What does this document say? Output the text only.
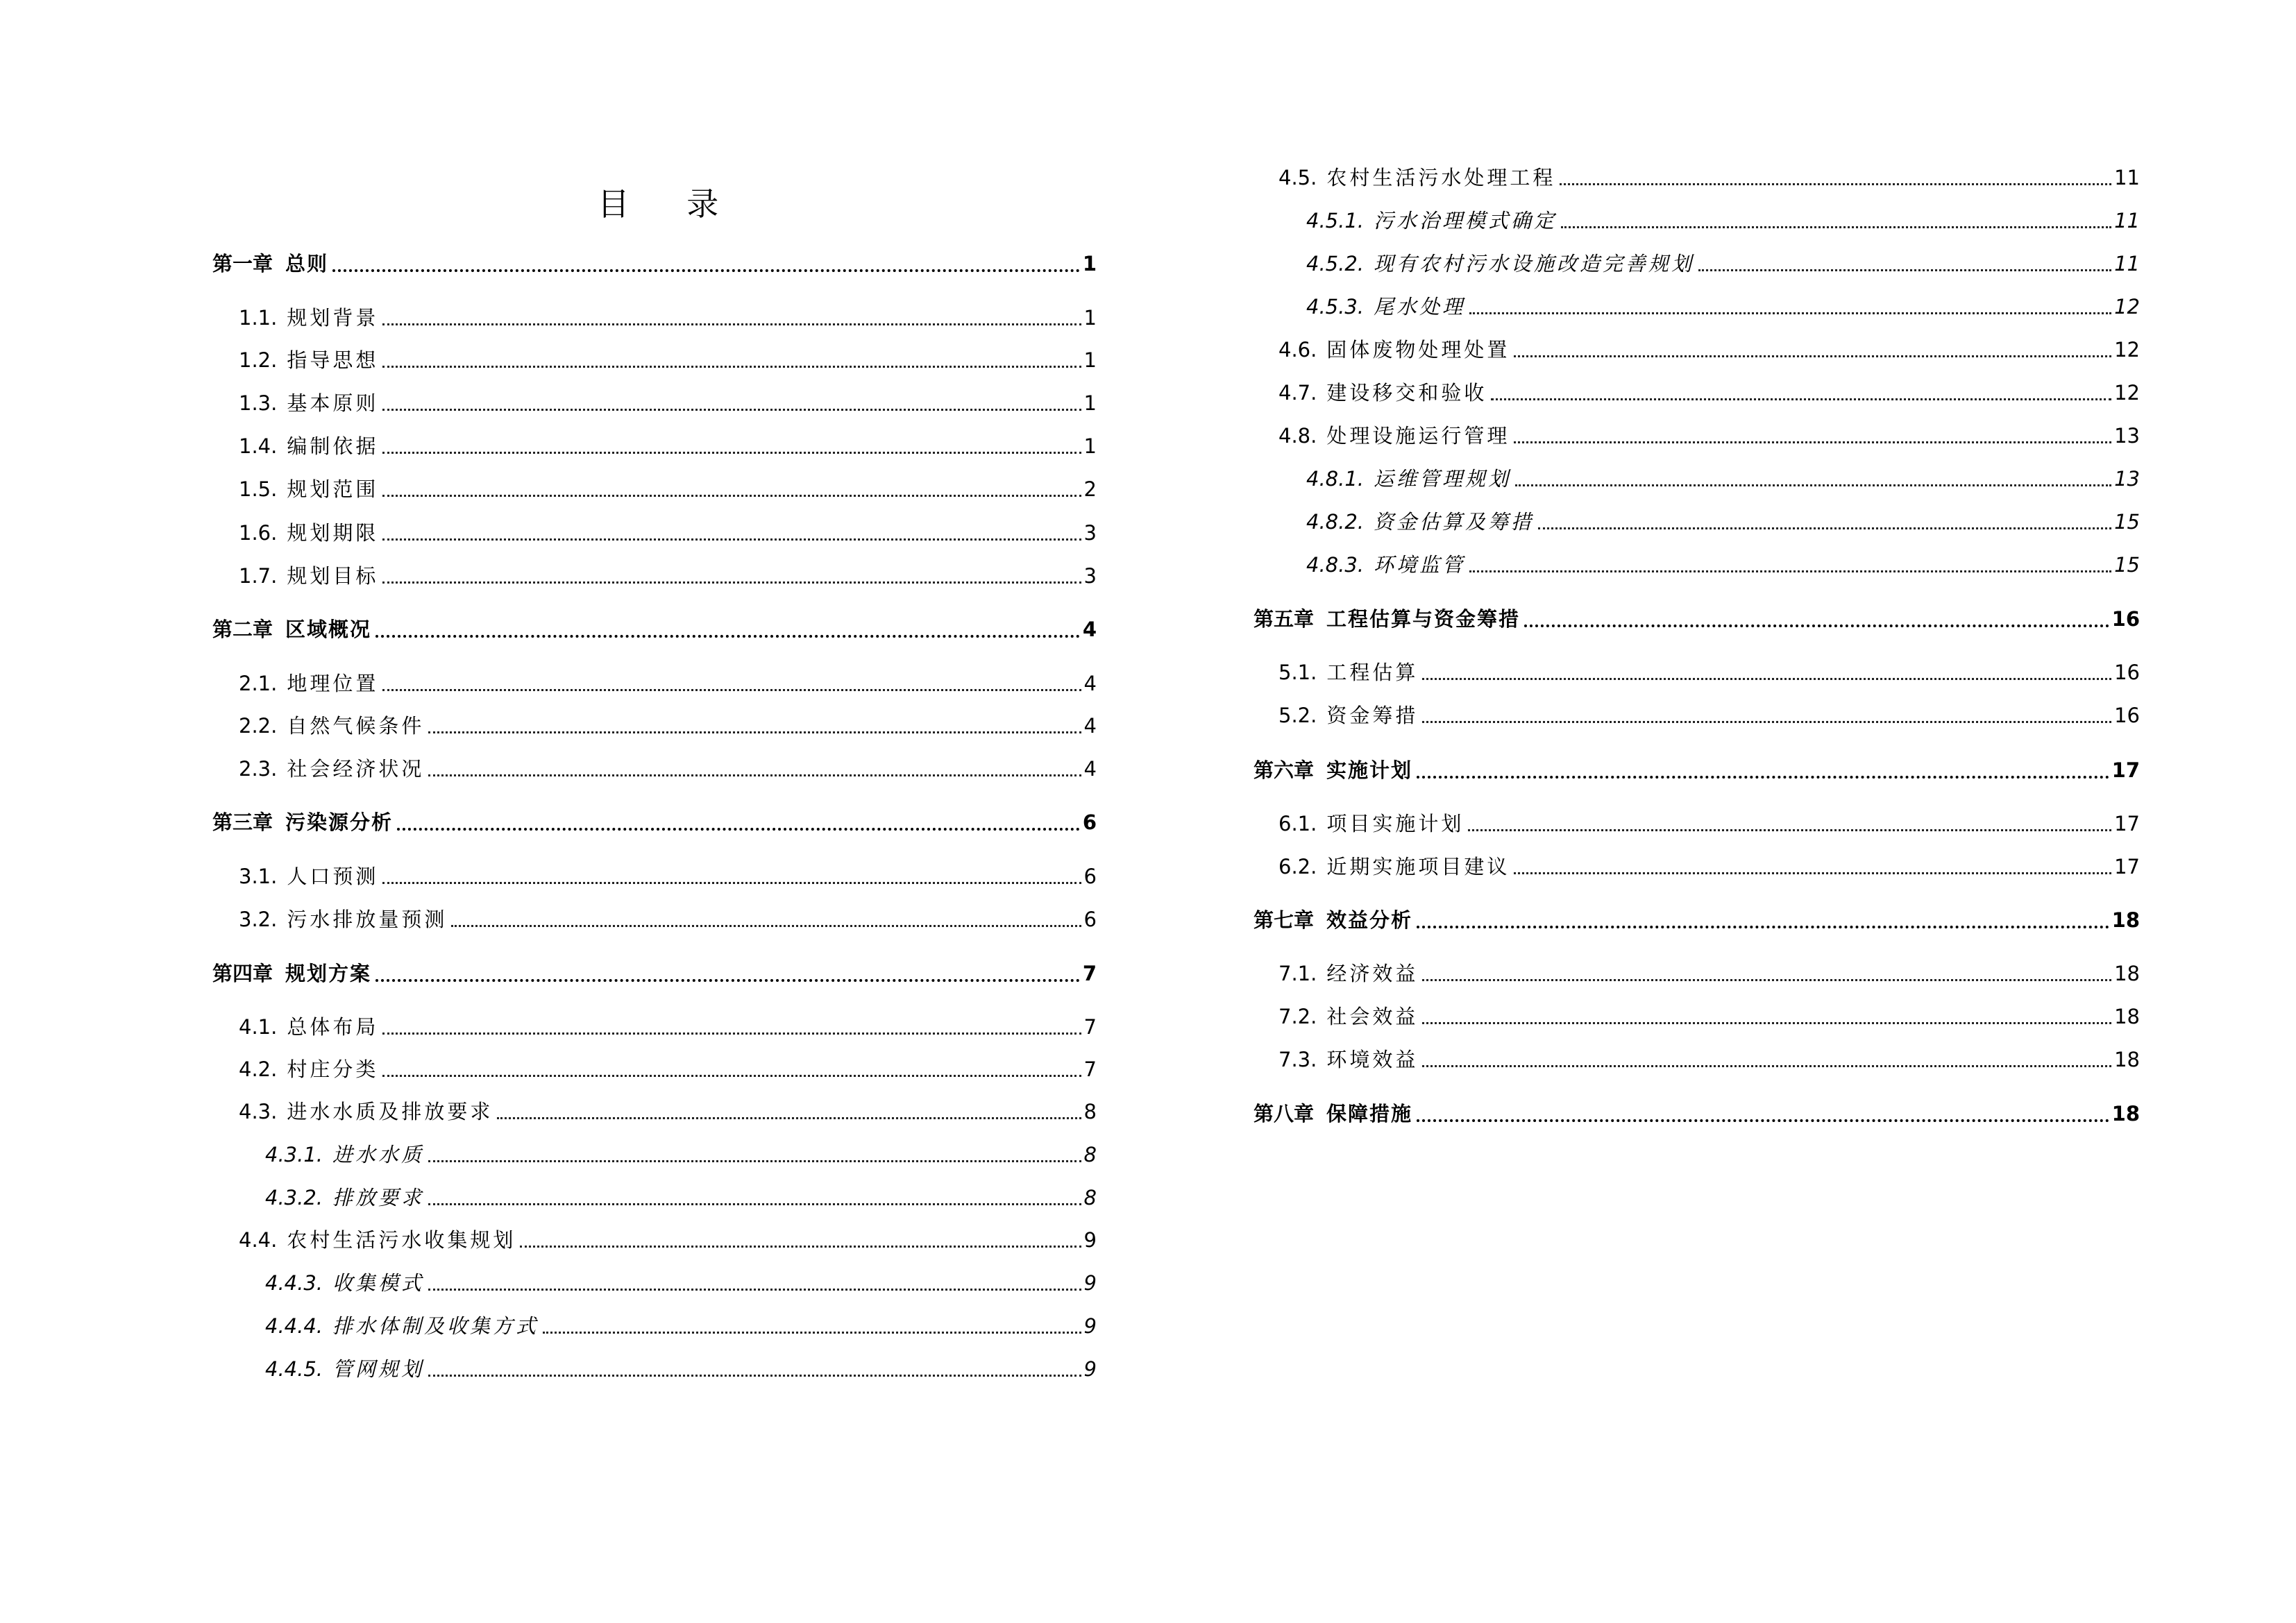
目 录
第一章 总则	1
1.1. 规划背景	1
1.2. 指导思想	1
1.3. 基本原则	1
1.4. 编制依据	1
1.5. 规划范围	2
1.6. 规划期限	3
1.7. 规划目标	3
第二章 区域概况	4
2.1. 地理位置	4
2.2. 自然气候条件	4
2.3. 社会经济状况	4
第三章 污染源分析	6
3.1. 人口预测	6
3.2. 污水排放量预测	6
第四章 规划方案	7
4.1. 总体布局	7
4.2. 村庄分类	7
4.3. 进水水质及排放要求	8
4.3.1. 进水水质	8
4.3.2. 排放要求	8
4.4. 农村生活污水收集规划	9
4.4.3. 收集模式	9
4.4.4. 排水体制及收集方式	9
4.4.5. 管网规划	9
4.5. 农村生活污水处理工程	11
4.5.1. 污水治理模式确定	11
4.5.2. 现有农村污水设施改造完善规划	11
4.5.3. 尾水处理	12
4.6. 固体废物处理处置	12
4.7. 建设移交和验收	12
4.8. 处理设施运行管理	13
4.8.1. 运维管理规划	13
4.8.2. 资金估算及筹措	15
4.8.3. 环境监管	15
第五章 工程估算与资金筹措	16
5.1. 工程估算	16
5.2. 资金筹措	16
第六章 实施计划	17
6.1. 项目实施计划	17
6.2. 近期实施项目建议	17
第七章 效益分析	18
7.1. 经济效益	18
7.2. 社会效益	18
7.3. 环境效益	18
第八章 保障措施	18
